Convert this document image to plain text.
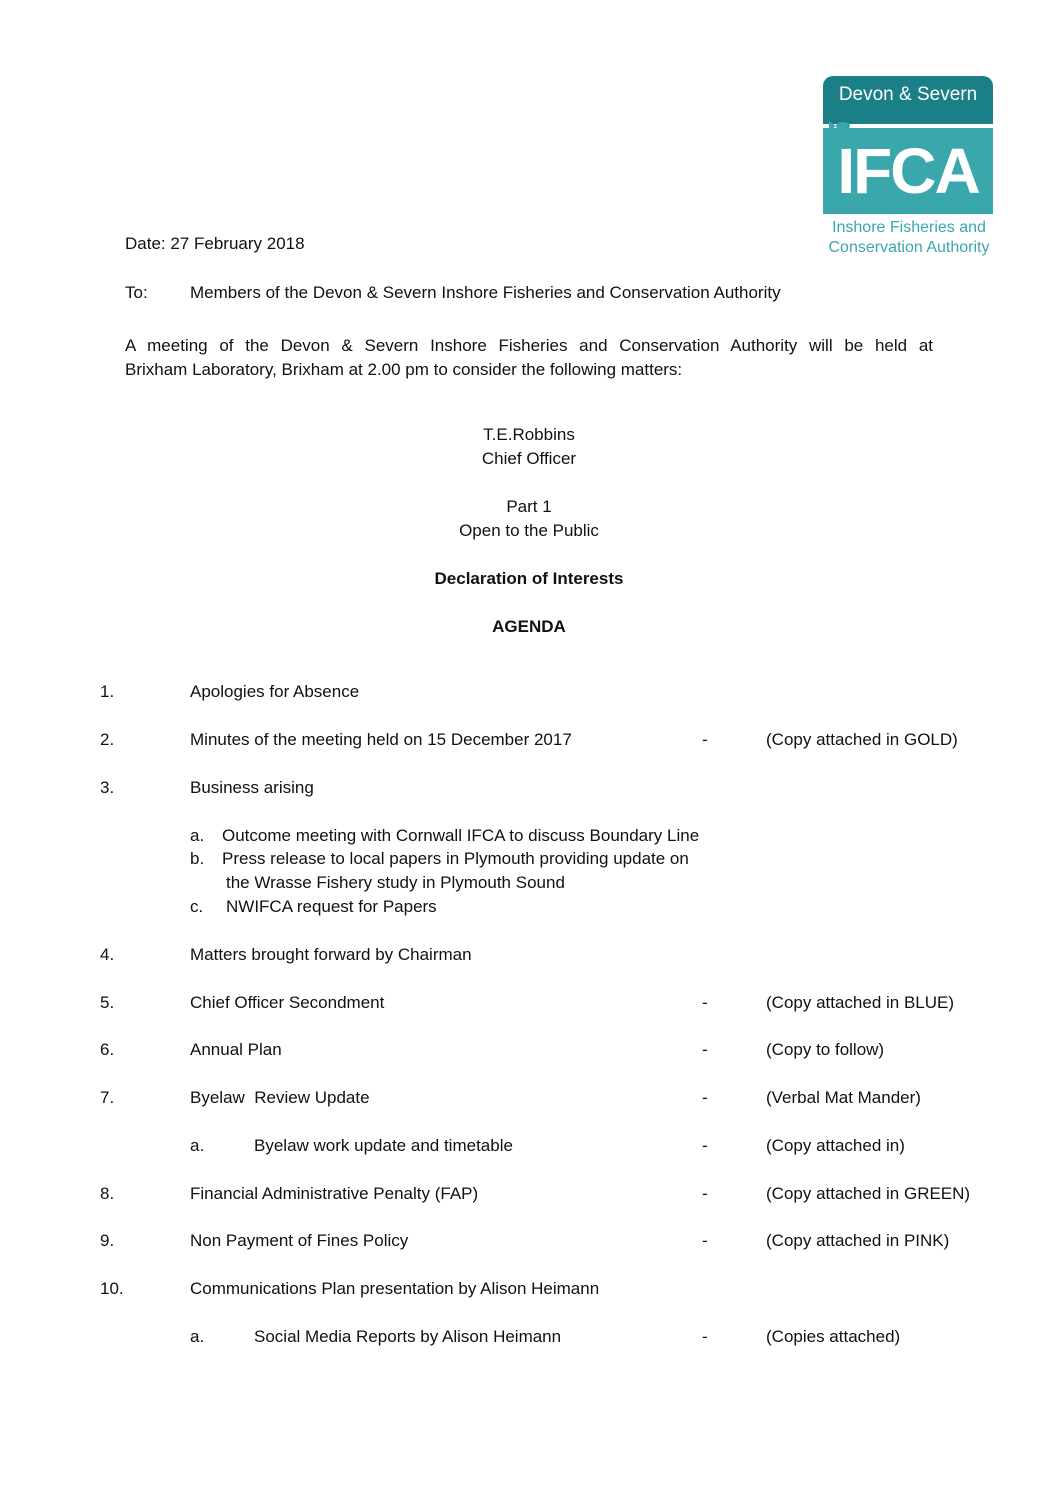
Devon & Severn
IFCA
Inshore Fisheries and
Conservation Authority
Date: 27 February 2018
To: Members of the Devon & Severn Inshore Fisheries and Conservation Authority
A meeting of the Devon & Severn Inshore Fisheries and Conservation Authority will be held at
Brixham Laboratory, Brixham at 2.00 pm to consider the following matters:
T.E.Robbins
Chief Officer
Part 1
Open to the Public
Declaration of Interests
AGENDA
1.	Apologies for Absence
2.	Minutes of the meeting held on 15 December 2017	-	(Copy attached in GOLD)
3.	Business arising
a. Outcome meeting with Cornwall IFCA to discuss Boundary Line
b. Press release to local papers in Plymouth providing update on
the Wrasse Fishery study in Plymouth Sound
c. NWIFCA request for Papers
4.	Matters brought forward by Chairman
5.	Chief Officer Secondment	-	(Copy attached in BLUE)
6.	Annual Plan	-	(Copy to follow)
7.	Byelaw  Review Update	-	(Verbal Mat Mander)
a.	Byelaw work update and timetable	-	(Copy attached in)
8.	Financial Administrative Penalty (FAP)	-	(Copy attached in GREEN)
9.	Non Payment of Fines Policy	-	(Copy attached in PINK)
10.	Communications Plan presentation by Alison Heimann
a.	Social Media Reports by Alison Heimann	-	(Copies attached)
